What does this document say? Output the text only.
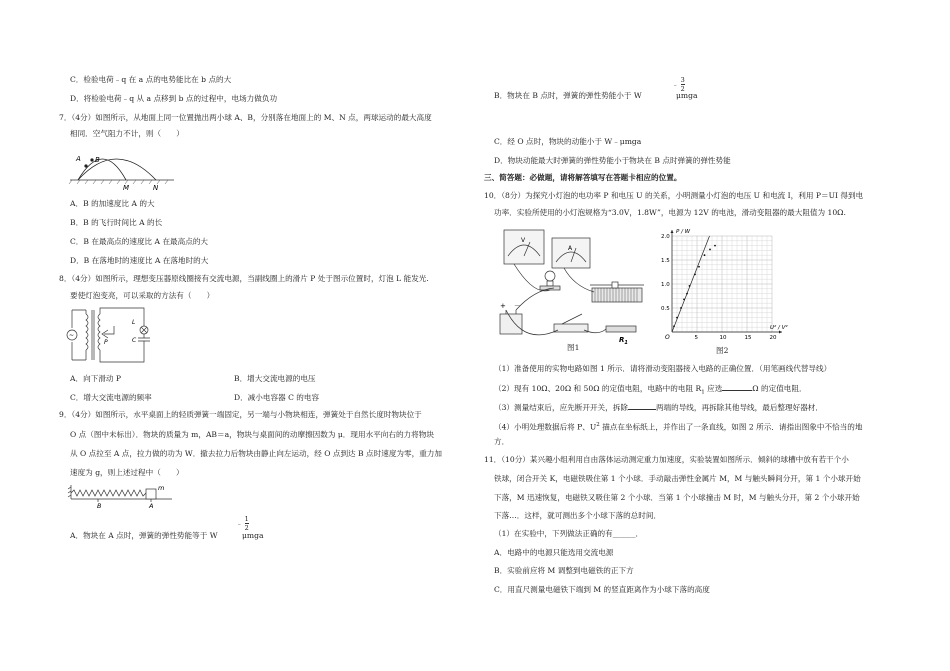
C．检验电荷﹣q 在 a 点的电势能比在 b 点的大
D．将检验电荷﹣q 从 a 点移到 b 点的过程中，电场力做负功
7．（4分）如图所示，从地面上同一位置抛出两小球 A、B，分别落在地面上的 M、N 点，两球运动的最大高度
相同．空气阻力不计，则（　　）
A B
M	N
A．B 的加速度比 A 的大
B．B 的飞行时间比 A 的长
C．B 在最高点的速度比 A 在最高点的大
D．B 在落地时的速度比 A 在落地时的大
8．（4分）如图所示，理想变压器原线圈接有交流电源，当副线圈上的滑片 P 处于图示位置时，灯泡 L 能发光.
要使灯泡变亮，可以采取的方法有（　　）
~
P
L
C
A．向下滑动 P	B．增大交流电源的电压
C．增大交流电源的频率	D．减小电容器 C 的电容
9．（4分）如图所示，水平桌面上的轻质弹簧一端固定，另一端与小物块相连，弹簧处于自然长度时物块位于
O 点（图中未标出）．物块的质量为 m，AB＝a，物块与桌面间的动摩擦因数为 μ．现用水平向右的力将物块
从 O 点拉至 A 点，拉力做的功为 W．撤去拉力后物块由静止向左运动，经 O 点到达 B 点时速度为零，重力加
速度为 g，则上述过程中（　　）
B	A
m
A．物块在 A 点时，弹簧的弹性势能等于 W
﹣ $\frac{1}{2}$
μmga
B．物块在 B 点时，弹簧的弹性势能小于 W
﹣ $\frac{3}{2}$
μmga
C．经 O 点时，物块的动能小于 W﹣μmga
D．物块动能最大时弹簧的弹性势能小于物块在 B 点时弹簧的弹性势能
三、简答题：必做题，请将解答填写在答题卡相应的位置。
10．（8分）为探究小灯泡的电功率 P 和电压 U 的关系，小明测量小灯泡的电压 U 和电流 I，利用 P＝UI 得到电
功率．实验所使用的小灯泡规格为“3.0V，1.8W”，电源为 12V 的电池，滑动变阻器的最大阻值为 10Ω.
+ －
V
A
$R_1$
图1
5	10	15	20
0.5
1.0
1.5
2.0
P / W
U² / V²
O
图2
（1）准备使用的实物电路如图 1 所示．请将滑动变阻器接入电路的正确位置．（用笔画线代替导线）
（2）现有 10Ω、20Ω 和 50Ω 的定值电阻，电路中的电阻 $R_1$ 应选	Ω 的定值电阻．
（3）测量结束后，应先断开开关，拆除	两端的导线，再拆除其他导线，最后整理好器材．
（4）小明处理数据后将 P、$U^2$ 描点在坐标纸上，并作出了一条直线，如图 2 所示．请指出图象中不恰当的地
方．
11．（10分）某兴趣小组利用自由落体运动测定重力加速度，实验装置如图所示．倾斜的球槽中放有若干个小
铁球，闭合开关 K，电磁铁吸住第 1 个小球．手动敲击弹性金属片 M，M 与触头瞬间分开，第 1 个小球开始
下落，M 迅速恢复，电磁铁又吸住第 2 个小球．当第 1 个小球撞击 M 时，M 与触头分开，第 2 个小球开始
下落…．这样，就可测出多个小球下落的总时间．
（1）在实验中，下列做法正确的有______．
A．电路中的电源只能选用交流电源
B．实验前应将 M 调整到电磁铁的正下方
C．用直尺测量电磁铁下端到 M 的竖直距离作为小球下落的高度
